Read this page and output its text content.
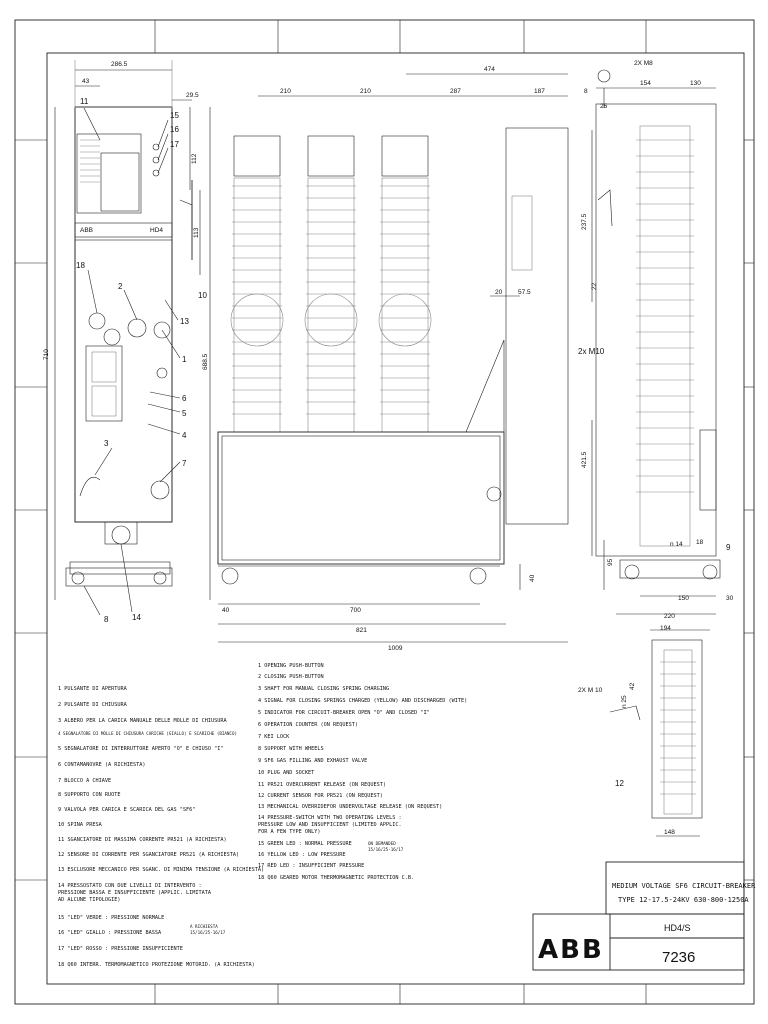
ABB	HD4
286.5
43
29.5
710
112
113
688.5
11
15
16
17
18
2
13
10
1
6
5
4
3
7
8	14
210	210
474
287	187	8
20 57.5
40	700
821
1009
40
2X M8
154	130
26
237.5
22
2x M10
421.5
95
n 14 18
9
150	30
220
194
2X M 10
42
n 25
12
148
1 PULSANTE DI APERTURA
2 PULSANTE DI CHIUSURA
3 ALBERO PER LA CARICA MANUALE DELLE MOLLE DI CHIUSURA
4 SEGNALATORE DI MOLLE DI CHIUSURA CARICHE (GIALLO) E SCARICHE (BIANCO)
5 SEGNALATORE DI INTERRUTTORE APERTO "O" E CHIUSO "I"
6 CONTAMANOVRE (A RICHIESTA)
7 BLOCCO A CHIAVE
8 SUPPORTO CON RUOTE
9 VALVOLA PER CARICA E SCARICA DEL GAS "SF6"
10 SPINA PRESA
11 SGANCIATORE DI MASSIMA CORRENTE PR521 (A RICHIESTA)
12 SENSORE DI CORRENTE PER SGANCIATORE PR521 (A RICHIESTA)
13 ESCLUSORE MECCANICO PER SGANC. DI MINIMA TENSIONE (A RICHIESTA)
14 PRESSOSTATO CON DUE LIVELLI DI INTERVENTO :
PRESSIONE BASSA E INSUFFICIENTE (APPLIC. LIMITATA
AD ALCUNE TIPOLOGIE)
15 "LED" VERDE : PRESSIONE NORMALE
16 "LED" GIALLO : PRESSIONE BASSA
17 "LED" ROSSO : PRESSIONE INSUFFICIENTE
18 Q60 INTERR. TERMOMAGNETICO PROTEZIONE MOTORID. (A RICHIESTA)
A RICHIESTA
15/16/25-16/17
1 OPENING PUSH-BUTTON
2 CLOSING PUSH-BUTTON
3 SHAFT FOR MANUAL CLOSING SPRING CHARGING
4 SIGNAL FOR CLOSING SPRINGS CHARGED (YELLOW) AND DISCHARGED (WITE)
5 INDICATOR FOR CIRCUIT-BREAKER OPEN "O" AND CLOSED "I"
6 OPERATION COUNTER (ON REQUEST)
7 KEI LOCK
8 SUPPORT WITH WHEELS
9 SF6 GAS FILLING AND EXHAUST VALVE
10 PLUG AND SOCKET
11 PR521 OVERCURRENT RELEASE (ON REQUEST)
12 CURRENT SENSOR FOR PR521 (ON REQUEST)
13 MECHANICAL OVERRIDEFOR UNDERVOLTAGE RELEASE (ON REQUEST)
14 PRESSURE-SWITCH WITH TWO OPERATING LEVELS :
PRESSURE LOW AND INSUFFICIENT (LIMITED APPLIC.
FOR A FEW TYPE ONLY)
15 GREEN LED : NORMAL PRESSURE
16 YELLOW LED : LOW PRESSURE
17 RED LED : INSUFFICIENT PRESSURE
18 Q60 GEARED MOTOR THERMOMAGNETIC PROTECTION C.B.
ON DEMANDED
15/16/25-16/17
MEDIUM VOLTAGE SF6 CIRCUIT-BREAKER
TYPE 12-17.5-24KV 630-800-1250A
ABB
HD4/S
7236
